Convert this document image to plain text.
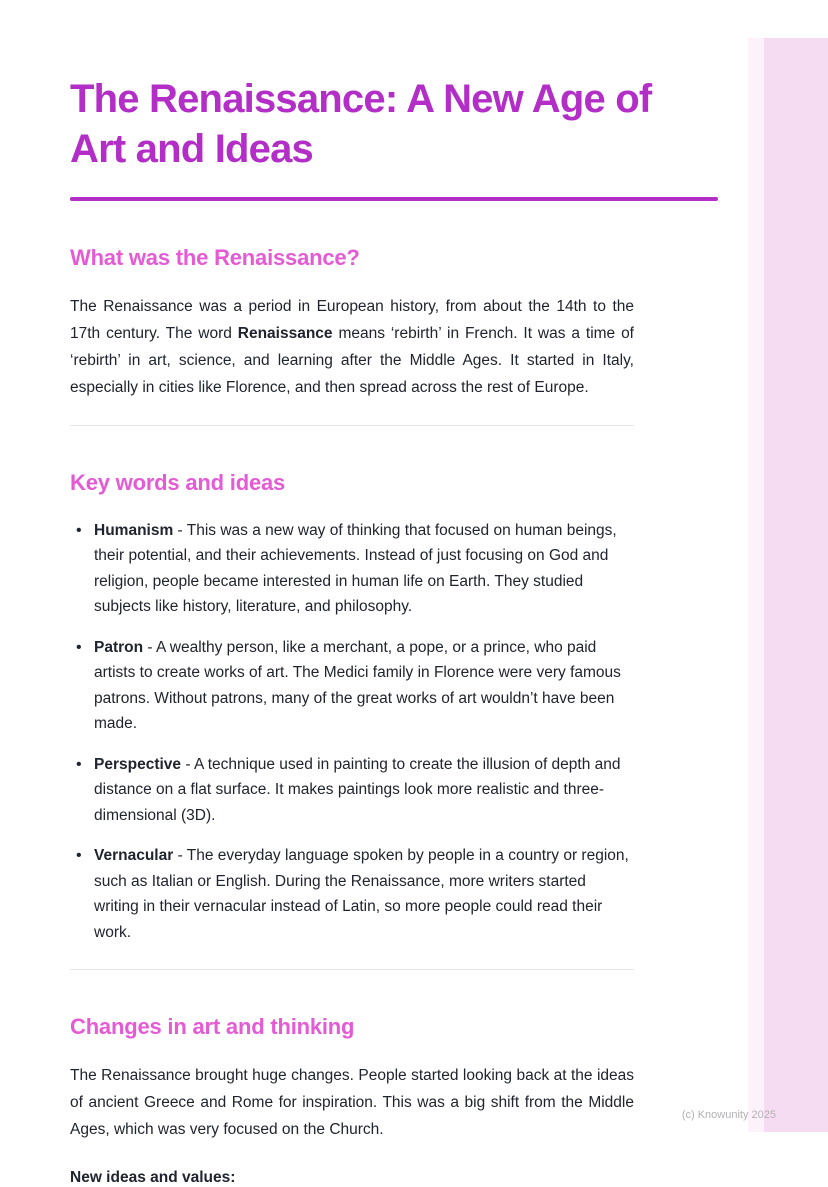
The Renaissance: A New Age of Art and Ideas
What was the Renaissance?

The Renaissance was a period in European history, from about the 14th to the 17th century. The word Renaissance means ‘rebirth’ in French. It was a time of ‘rebirth’ in art, science, and learning after the Middle Ages. It started in Italy, especially in cities like Florence, and then spread across the rest of Europe.

Key words and ideas
• Humanism - This was a new way of thinking that focused on human beings, their potential, and their achievements. Instead of just focusing on God and religion, people became interested in human life on Earth. They studied subjects like history, literature, and philosophy.
• Patron - A wealthy person, like a merchant, a pope, or a prince, who paid artists to create works of art. The Medici family in Florence were very famous patrons. Without patrons, many of the great works of art wouldn’t have been made.
• Perspective - A technique used in painting to create the illusion of depth and distance on a flat surface. It makes paintings look more realistic and three-dimensional (3D).
• Vernacular - The everyday language spoken by people in a country or region, such as Italian or English. During the Renaissance, more writers started writing in their vernacular instead of Latin, so more people could read their work.
Changes in art and thinking

The Renaissance brought huge changes. People started looking back at the ideas of ancient Greece and Rome for inspiration. This was a big shift from the Middle Ages, which was very focused on the Church.

New ideas and values:

(c) Knowunity 2025
